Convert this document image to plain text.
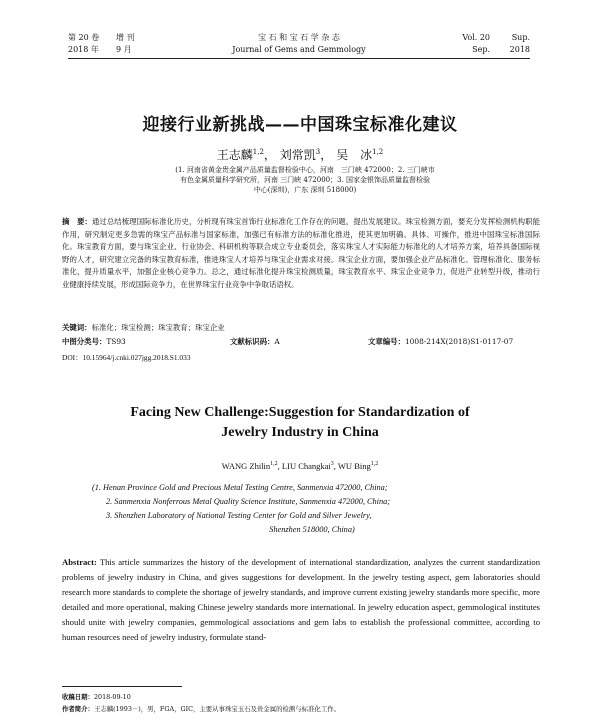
第 20 卷 增 刊
2018 年 9 月
宝 石 和 宝 石 学 杂 志
Journal of Gems and Gemmology
Vol. 20	Sup.
Sep. 2018
迎接行业新挑战——中国珠宝标准化建议
王志麟$^{1,2}$， 刘常凯$^3$， 吴　冰$^{1,2}$
(1. 河南省黄金贵金属产品质量监督检验中心，河南　三门峡 472000；2. 三门峡市
有色金属质量科学研究所，河南 三门峡 472000；3. 国家金银饰品质量监督检验
中心(深圳)，广东 深圳 518000)
摘　要：通过总结梳理国际标准化历史，分析现有珠宝首饰行业标准化工作存在的问题，提出发展建议。珠宝检测方面，要充分发挥检测机构职能作用，研究制定更多急需的珠宝产品标准与国家标准，加强已有标准方法的标准化推进，使其更加明确、具体、可操作，推进中国珠宝标准国际化。珠宝教育方面，要与珠宝企业、行业协会、科研机构等联合成立专业委员会，落实珠宝人才实际能力标准化的人才培养方案，培养具备国际视野的人才，研究建立完备的珠宝教育标准，推进珠宝人才培养与珠宝企业需求对接。珠宝企业方面，要加强企业产品标准化、管理标准化、服务标准化，提升质量水平，加强企业核心竞争力。总之，通过标准化提升珠宝检测质量，珠宝教育水平、珠宝企业竞争力，促进产业转型升级，推动行业健康持续发展，形成国际竞争力，在世界珠宝行业竞争中争取话语权。
关键词：标准化；珠宝检测；珠宝教育；珠宝企业
中图分类号：TS93	文献标识码：A	文章编号：1008-214X(2018)S1-0117-07
DOI：10.15964/j.cnki.027jgg.2018.S1.033
Facing New Challenge:Suggestion for Standardization of
Jewelry Industry in China
WANG Zhilin$^{1,2}$, LIU Changkai$^3$, WU Bing$^{1,2}$
(1. Henan Province Gold and Precious Metal Testing Centre, Sanmenxia 472000, China;
2. Sanmenxia Nonferrous Metal Quality Science Institute, Sanmenxia 472000, China;
3. Shenzhen Laboratory of National Testing Center for Gold and Silver Jewelry,
Shenzhen 518000, China)
Abstract: This article summarizes the history of the development of international standardization, analyzes the current standardization problems of jewelry industry in China, and gives suggestions for development. In the jewelry testing aspect, gem laboratories should research more standards to complete the shortage of jewelry standards, and improve current existing jewelry standards more specific, more detailed and more operational, making Chinese jewelry standards more international. In jewelry education aspect, gemmological institutes should unite with jewelry companies, gemmological associations and gem labs to establish the professional committee, according to human resources need of jewelry industry, formulate stand-
收稿日期：2018-09-10
作者简介：王志麟(1993－)，男，FGA，GIC，主要从事珠宝玉石及贵金属的检测与标准化工作。
